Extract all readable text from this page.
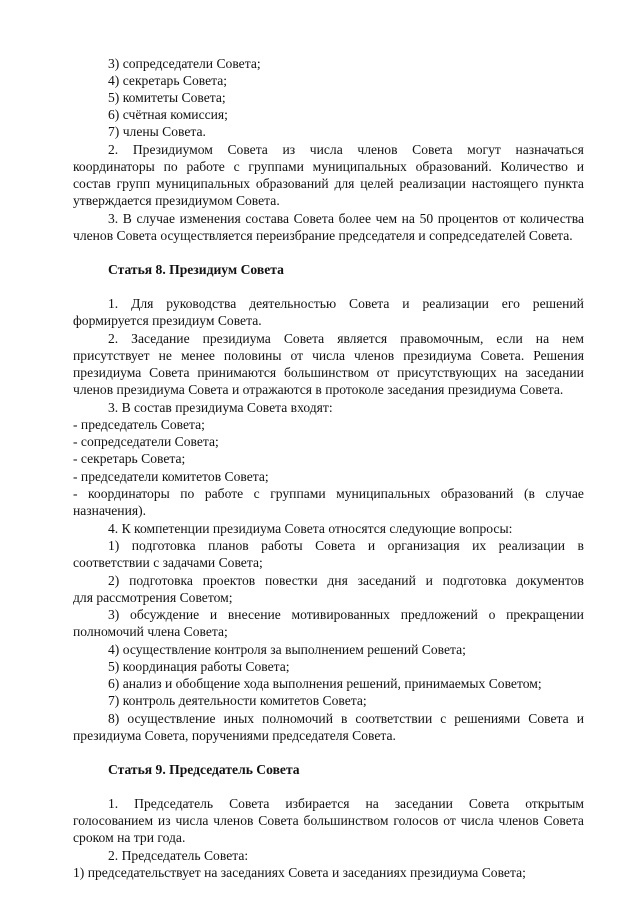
3) сопредседатели Совета;
4) секретарь Совета;
5) комитеты Совета;
6) счётная комиссия;
7) члены Совета.
2. Президиумом Совета из числа членов Совета могут назначаться
координаторы по работе с группами муниципальных образований. Количество и
состав групп муниципальных образований для целей реализации настоящего пункта
утверждается президиумом Совета.
3. В случае изменения состава Совета более чем на 50 процентов от количества
членов Совета осуществляется переизбрание председателя и сопредседателей Совета.
Статья 8. Президиум Совета
1. Для руководства деятельностью Совета и реализации его решений
формируется президиум Совета.
2. Заседание президиума Совета является правомочным, если на нем
присутствует не менее половины от числа членов президиума Совета. Решения
президиума Совета принимаются большинством от присутствующих на заседании
членов президиума Совета и отражаются в протоколе заседания президиума Совета.
3. В состав президиума Совета входят:
- председатель Совета;
- сопредседатели Совета;
- секретарь Совета;
- председатели комитетов Совета;
- координаторы по работе с группами муниципальных образований (в случае
назначения).
4. К компетенции президиума Совета относятся следующие вопросы:
1) подготовка планов работы Совета и организация их реализации в
соответствии с задачами Совета;
2) подготовка проектов повестки дня заседаний и подготовка документов
для рассмотрения Советом;
3) обсуждение и внесение мотивированных предложений о прекращении
полномочий члена Совета;
4) осуществление контроля за выполнением решений Совета;
5) координация работы Совета;
6) анализ и обобщение хода выполнения решений, принимаемых Советом;
7) контроль деятельности комитетов Совета;
8) осуществление иных полномочий в соответствии с решениями Совета и
президиума Совета, поручениями председателя Совета.
Статья 9. Председатель Совета
1. Председатель Совета избирается на заседании Совета открытым
голосованием из числа членов Совета большинством голосов от числа членов Совета
сроком на три года.
2. Председатель Совета:
1) председательствует на заседаниях Совета и заседаниях президиума Совета;
